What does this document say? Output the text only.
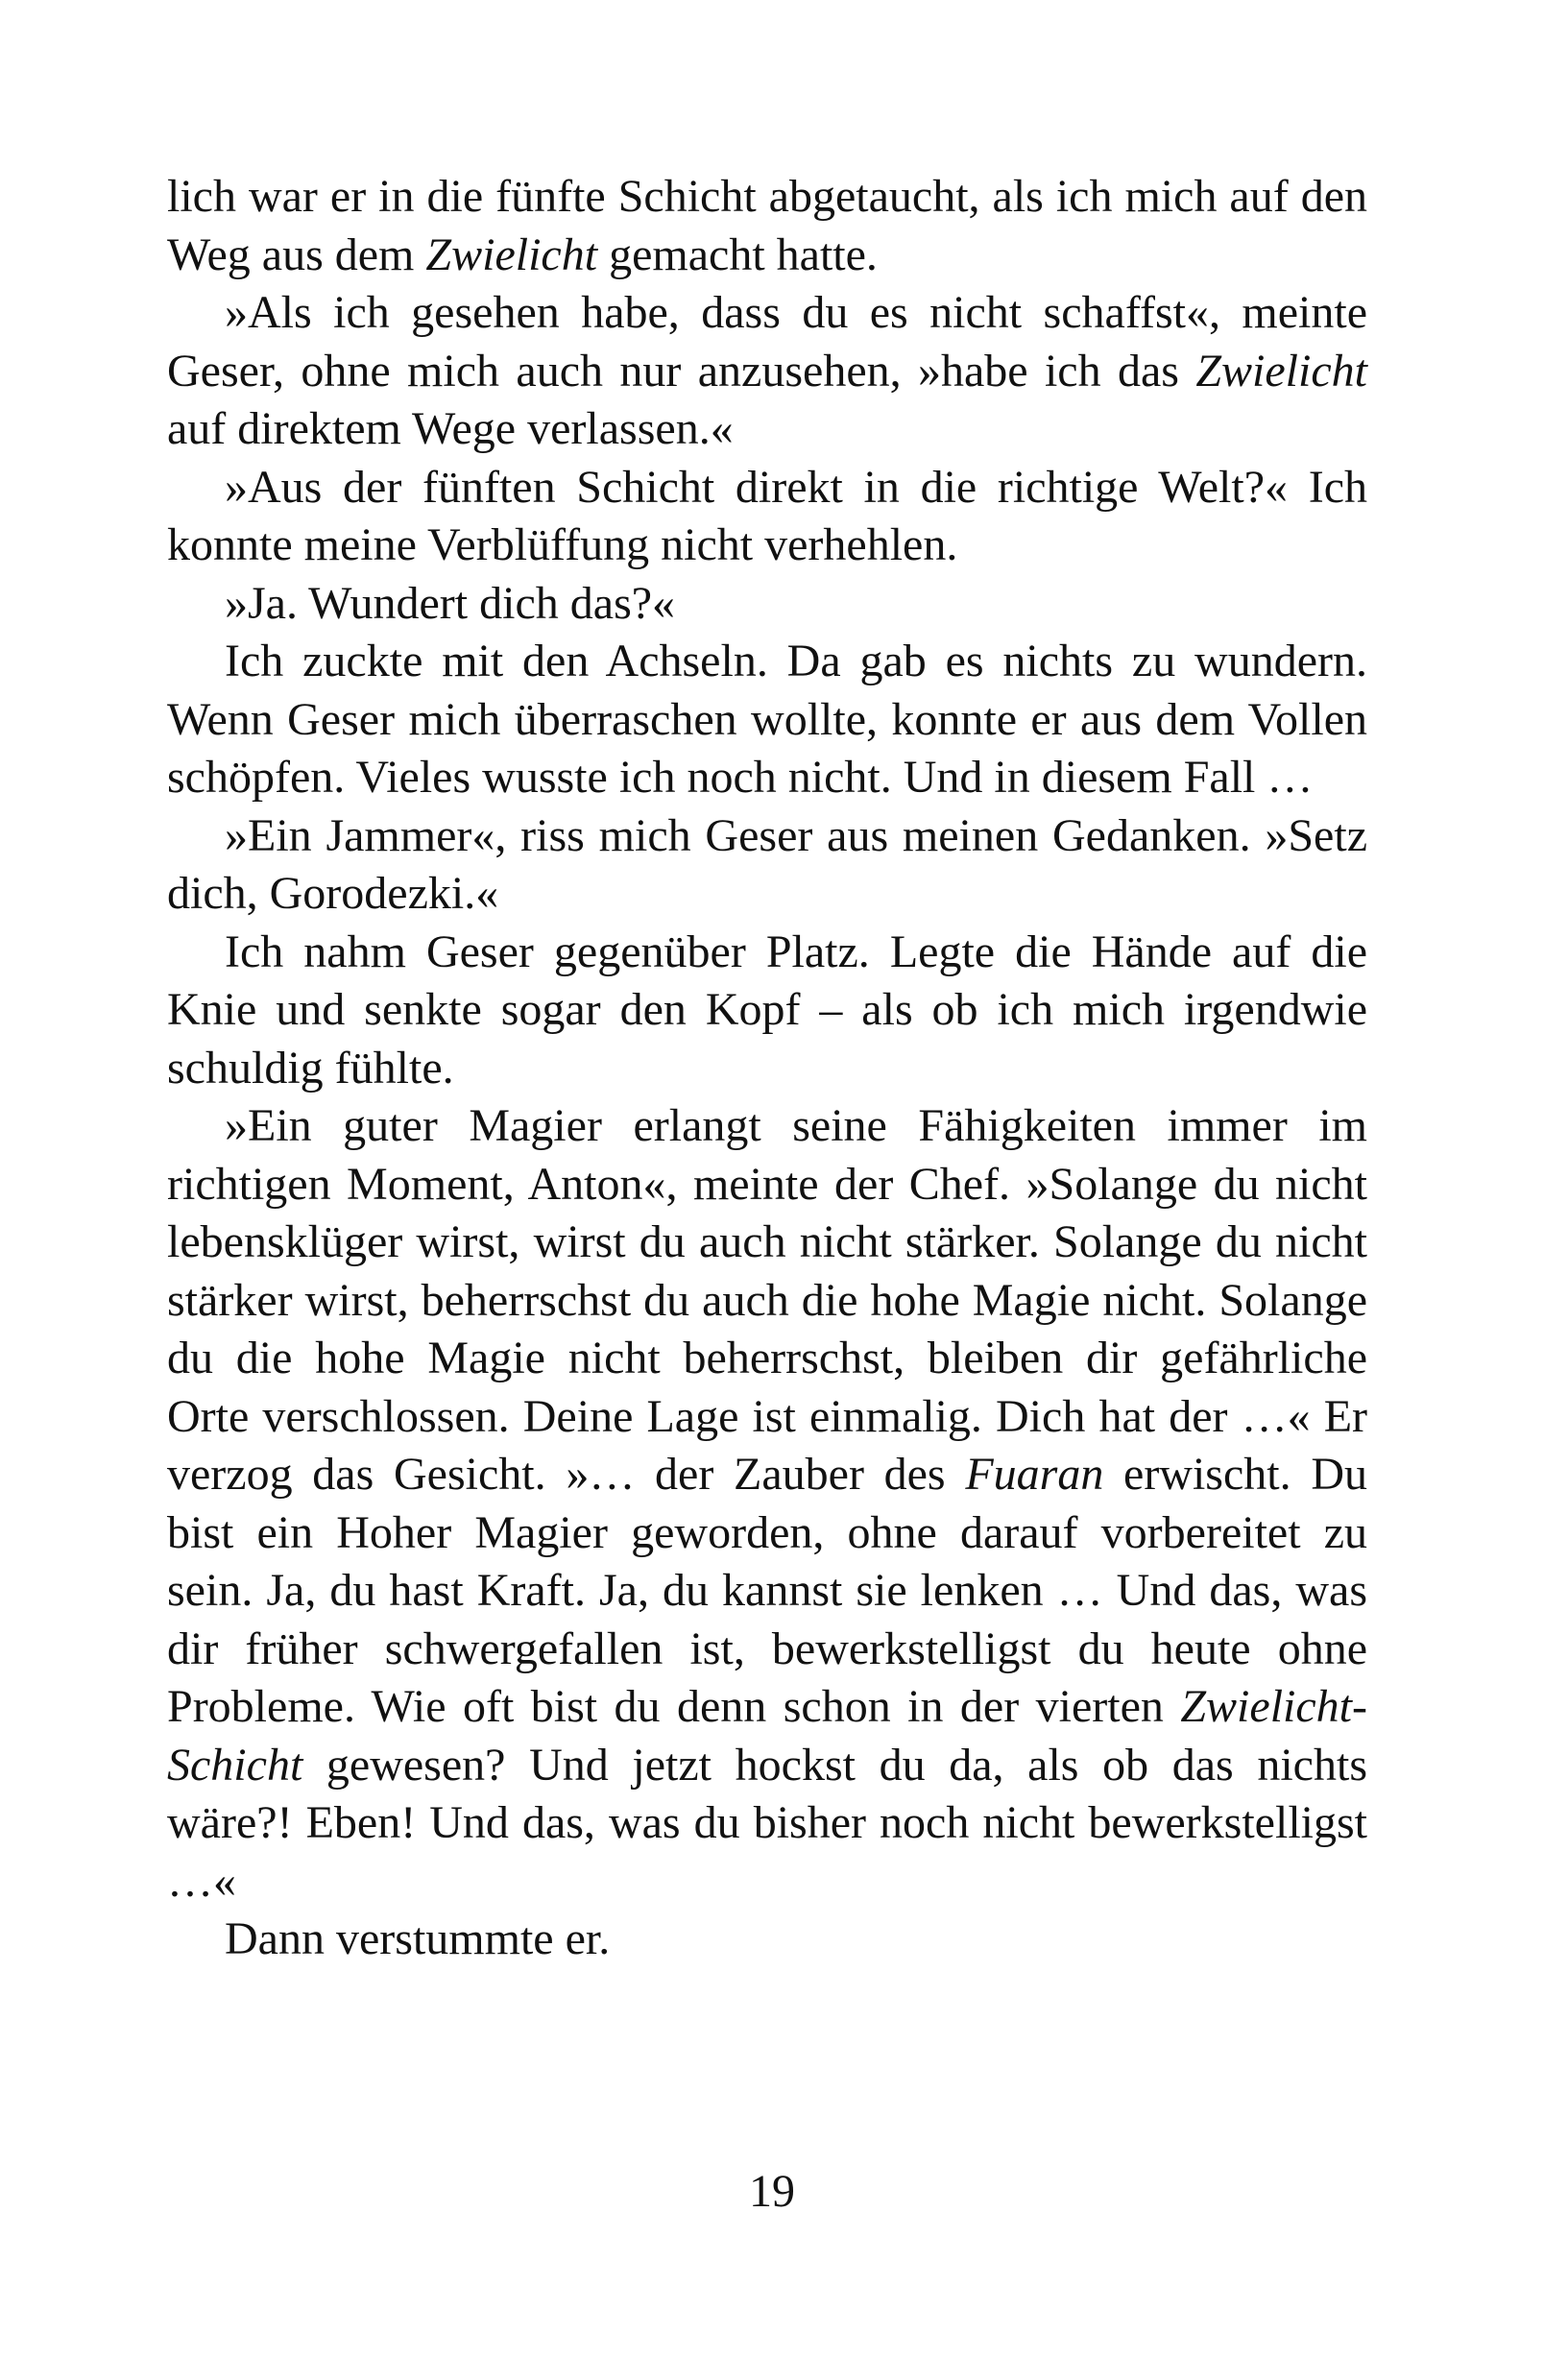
lich war er in die fünfte Schicht abgetaucht, als ich mich auf den Weg aus dem Zwielicht gemacht hatte.

»Als ich gesehen habe, dass du es nicht schaffst«, meinte Geser, ohne mich auch nur anzusehen, »habe ich das Zwielicht auf direktem Wege verlassen.«

»Aus der fünften Schicht direkt in die richtige Welt?« Ich konnte meine Verblüffung nicht verhehlen.

»Ja. Wundert dich das?«

Ich zuckte mit den Achseln. Da gab es nichts zu wundern. Wenn Geser mich überraschen wollte, konnte er aus dem Vollen schöpfen. Vieles wusste ich noch nicht. Und in diesem Fall …

»Ein Jammer«, riss mich Geser aus meinen Gedanken. »Setz dich, Gorodezki.«

Ich nahm Geser gegenüber Platz. Legte die Hände auf die Knie und senkte sogar den Kopf – als ob ich mich irgendwie schuldig fühlte.

»Ein guter Magier erlangt seine Fähigkeiten immer im richtigen Moment, Anton«, meinte der Chef. »Solange du nicht lebensklüger wirst, wirst du auch nicht stärker. Solange du nicht stärker wirst, beherrschst du auch die hohe Magie nicht. Solange du die hohe Magie nicht beherrschst, bleiben dir gefährliche Orte verschlossen. Deine Lage ist einmalig. Dich hat der …« Er verzog das Gesicht. »… der Zauber des Fuaran erwischt. Du bist ein Hoher Magier geworden, ohne darauf vorbereitet zu sein. Ja, du hast Kraft. Ja, du kannst sie lenken … Und das, was dir früher schwergefallen ist, bewerkstelligst du heute ohne Probleme. Wie oft bist du denn schon in der vierten Zwielicht-Schicht gewesen? Und jetzt hockst du da, als ob das nichts wäre?! Eben! Und das, was du bisher noch nicht bewerkstelligst …«

Dann verstummte er.

19
